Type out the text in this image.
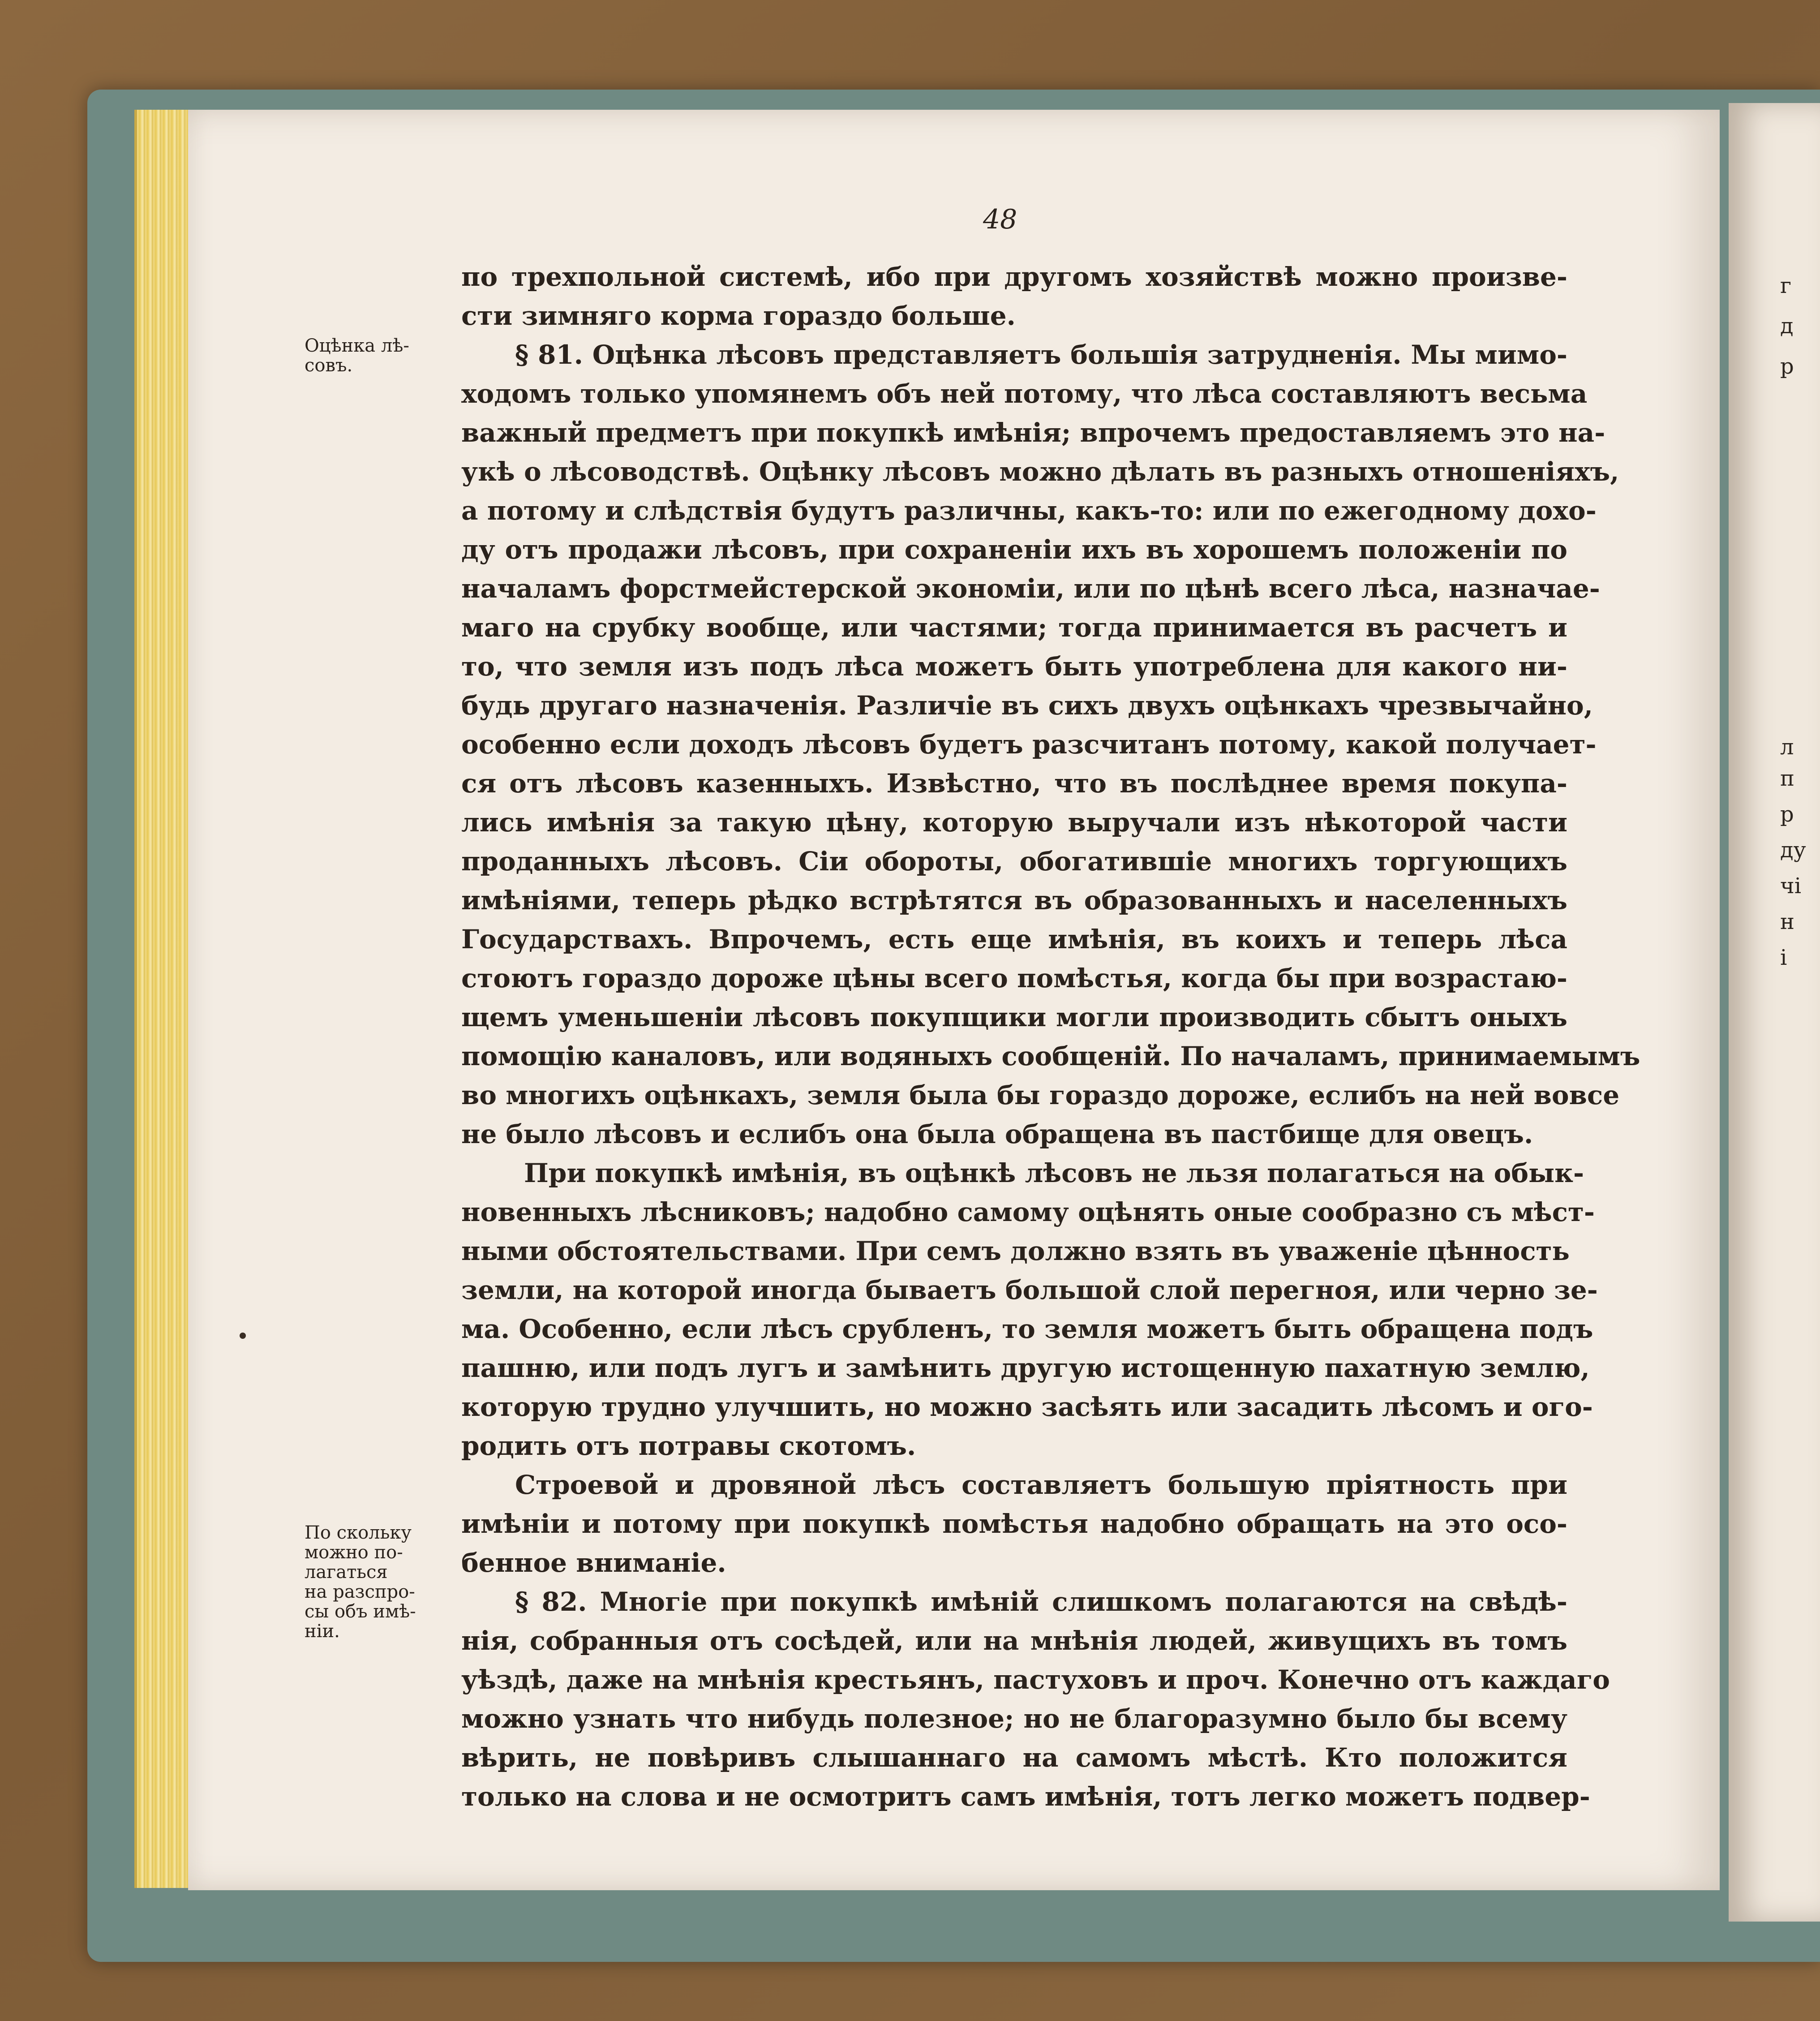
г
д
р
л
п
р
ду
чі
н
і
48
Оцѣнка лѣ-
совъ.
По скольку
можно по-
лагаться
на разспро-
сы объ имѣ-
ніи.
по трехпольной системѣ, ибо при другомъ хозяйствѣ можно произве-
сти зимняго корма гораздо больше.
§ 81. Оцѣнка лѣсовъ представляетъ большія затрудненія. Мы мимо-
ходомъ только упомянемъ объ ней потому, что лѣса составляютъ весьма
важный предметъ при покупкѣ имѣнія; впрочемъ предоставляемъ это на-
укѣ о лѣсоводствѣ. Оцѣнку лѣсовъ можно дѣлать въ разныхъ отношеніяхъ,
а потому и слѣдствія будутъ различны, какъ-то: или по ежегодному дохо-
ду отъ продажи лѣсовъ, при сохраненіи ихъ въ хорошемъ положеніи по
началамъ форстмейстерской экономіи, или по цѣнѣ всего лѣса, назначае-
маго на срубку вообще, или частями; тогда принимается въ расчетъ и
то, что земля изъ подъ лѣса можетъ быть употреблена для какого ни-
будь другаго назначенія. Различіе въ сихъ двухъ оцѣнкахъ чрезвычайно,
особенно если доходъ лѣсовъ будетъ разсчитанъ потому, какой получает-
ся отъ лѣсовъ казенныхъ. Извѣстно, что въ послѣднее время покупа-
лись имѣнія за такую цѣну, которую выручали изъ нѣкоторой части
проданныхъ лѣсовъ. Сіи обороты, обогатившіе многихъ торгующихъ
имѣніями, теперь рѣдко встрѣтятся въ образованныхъ и населенныхъ
Государствахъ. Впрочемъ, есть еще имѣнія, въ коихъ и теперь лѣса
стоютъ гораздо дороже цѣны всего помѣстья, когда бы при возрастаю-
щемъ уменьшеніи лѣсовъ покупщики могли производить сбытъ оныхъ
помощію каналовъ, или водяныхъ сообщеній. По началамъ, принимаемымъ
во многихъ оцѣнкахъ, земля была бы гораздо дороже, еслибъ на ней вовсе
не было лѣсовъ и еслибъ она была обращена въ пастбище для овецъ.
При покупкѣ имѣнія, въ оцѣнкѣ лѣсовъ не льзя полагаться на обык-
новенныхъ лѣсниковъ; надобно самому оцѣнять оные сообразно съ мѣст-
ными обстоятельствами. При семъ должно взять въ уваженіе цѣнность
земли, на которой иногда бываетъ большой слой перегноя, или черно зе-
ма. Особенно, если лѣсъ срубленъ, то земля можетъ быть обращена подъ
пашню, или подъ лугъ и замѣнить другую истощенную пахатную землю,
которую трудно улучшить, но можно засѣять или засадить лѣсомъ и ого-
родить отъ потравы скотомъ.
Строевой и дровяной лѣсъ составляетъ большую пріятность при
имѣніи и потому при покупкѣ помѣстья надобно обращать на это осо-
бенное вниманіе.
§ 82. Многіе при покупкѣ имѣній слишкомъ полагаются на свѣдѣ-
нія, собранныя отъ сосѣдей, или на мнѣнія людей, живущихъ въ томъ
уѣздѣ, даже на мнѣнія крестьянъ, пастуховъ и проч. Конечно отъ каждаго
можно узнать что нибудь полезное; но не благоразумно было бы всему
вѣрить, не повѣривъ слышаннаго на самомъ мѣстѣ. Кто положится
только на слова и не осмотритъ самъ имѣнія, тотъ легко можетъ подвер-
